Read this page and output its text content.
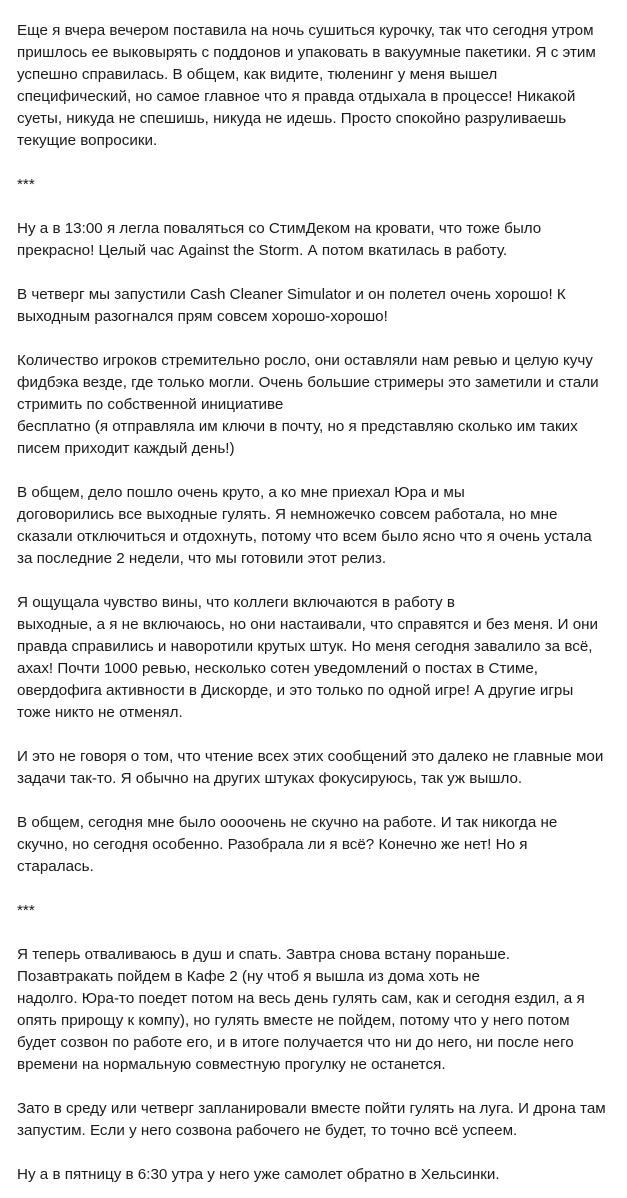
Еще я вчера вечером поставила на ночь сушиться курочку, так что сегодня утром
пришлось ее выковырять с поддонов и упаковать в вакуумные пакетики. Я с этим
успешно справилась. В общем, как видите, тюленинг у меня вышел
специфический, но самое главное что я правда отдыхала в процессе! Никакой
суеты, никуда не спешишь, никуда не идешь. Просто спокойно разруливаешь
текущие вопросики.
***
Ну а в 13:00 я легла поваляться со СтимДеком на кровати, что тоже было
прекрасно! Целый час Against the Storm. А потом вкатилась в работу.
В четверг мы запустили Cash Cleaner Simulator и он полетел очень хорошо! К
выходным разогнался прям совсем хорошо-хорошо!
Количество игроков стремительно росло, они оставляли нам ревью и целую кучу
фидбэка везде, где только могли. Очень большие стримеры это заметили и стали
стримить по собственной инициативе
бесплатно (я отправляла им ключи в почту, но я представляю сколько им таких
писем приходит каждый день!)
В общем, дело пошло очень круто, а ко мне приехал Юра и мы
договорились все выходные гулять. Я немножечко совсем работала, но мне
сказали отключиться и отдохнуть, потому что всем было ясно что я очень устала
за последние 2 недели, что мы готовили этот релиз.
Я ощущала чувство вины, что коллеги включаются в работу в
выходные, а я не включаюсь, но они настаивали, что справятся и без меня. И они
правда справились и наворотили крутых штук. Но меня сегодня завалило за всё,
ахах! Почти 1000 ревью, несколько сотен уведомлений о постах в Стиме,
овердофига активности в Дискорде, и это только по одной игре! А другие игры
тоже никто не отменял.
И это не говоря о том, что чтение всех этих сообщений это далеко не главные мои
задачи так-то. Я обычно на других штуках фокусируюсь, так уж вышло.
В общем, сегодня мне было оооочень не скучно на работе. И так никогда не
скучно, но сегодня особенно. Разобрала ли я всё? Конечно же нет! Но я
старалась.
***
Я теперь отваливаюсь в душ и спать. Завтра снова встану пораньше.
Позавтракать пойдем в Кафе 2 (ну чтоб я вышла из дома хоть не
надолго. Юра-то поедет потом на весь день гулять сам, как и сегодня ездил, а я
опять прирощу к компу), но гулять вместе не пойдем, потому что у него потом
будет созвон по работе его, и в итоге получается что ни до него, ни после него
времени на нормальную совместную прогулку не останется.
Зато в среду или четверг запланировали вместе пойти гулять на луга. И дрона там
запустим. Если у него созвона рабочего не будет, то точно всё успеем.
Ну а в пятницу в 6:30 утра у него уже самолет обратно в Хельсинки.
